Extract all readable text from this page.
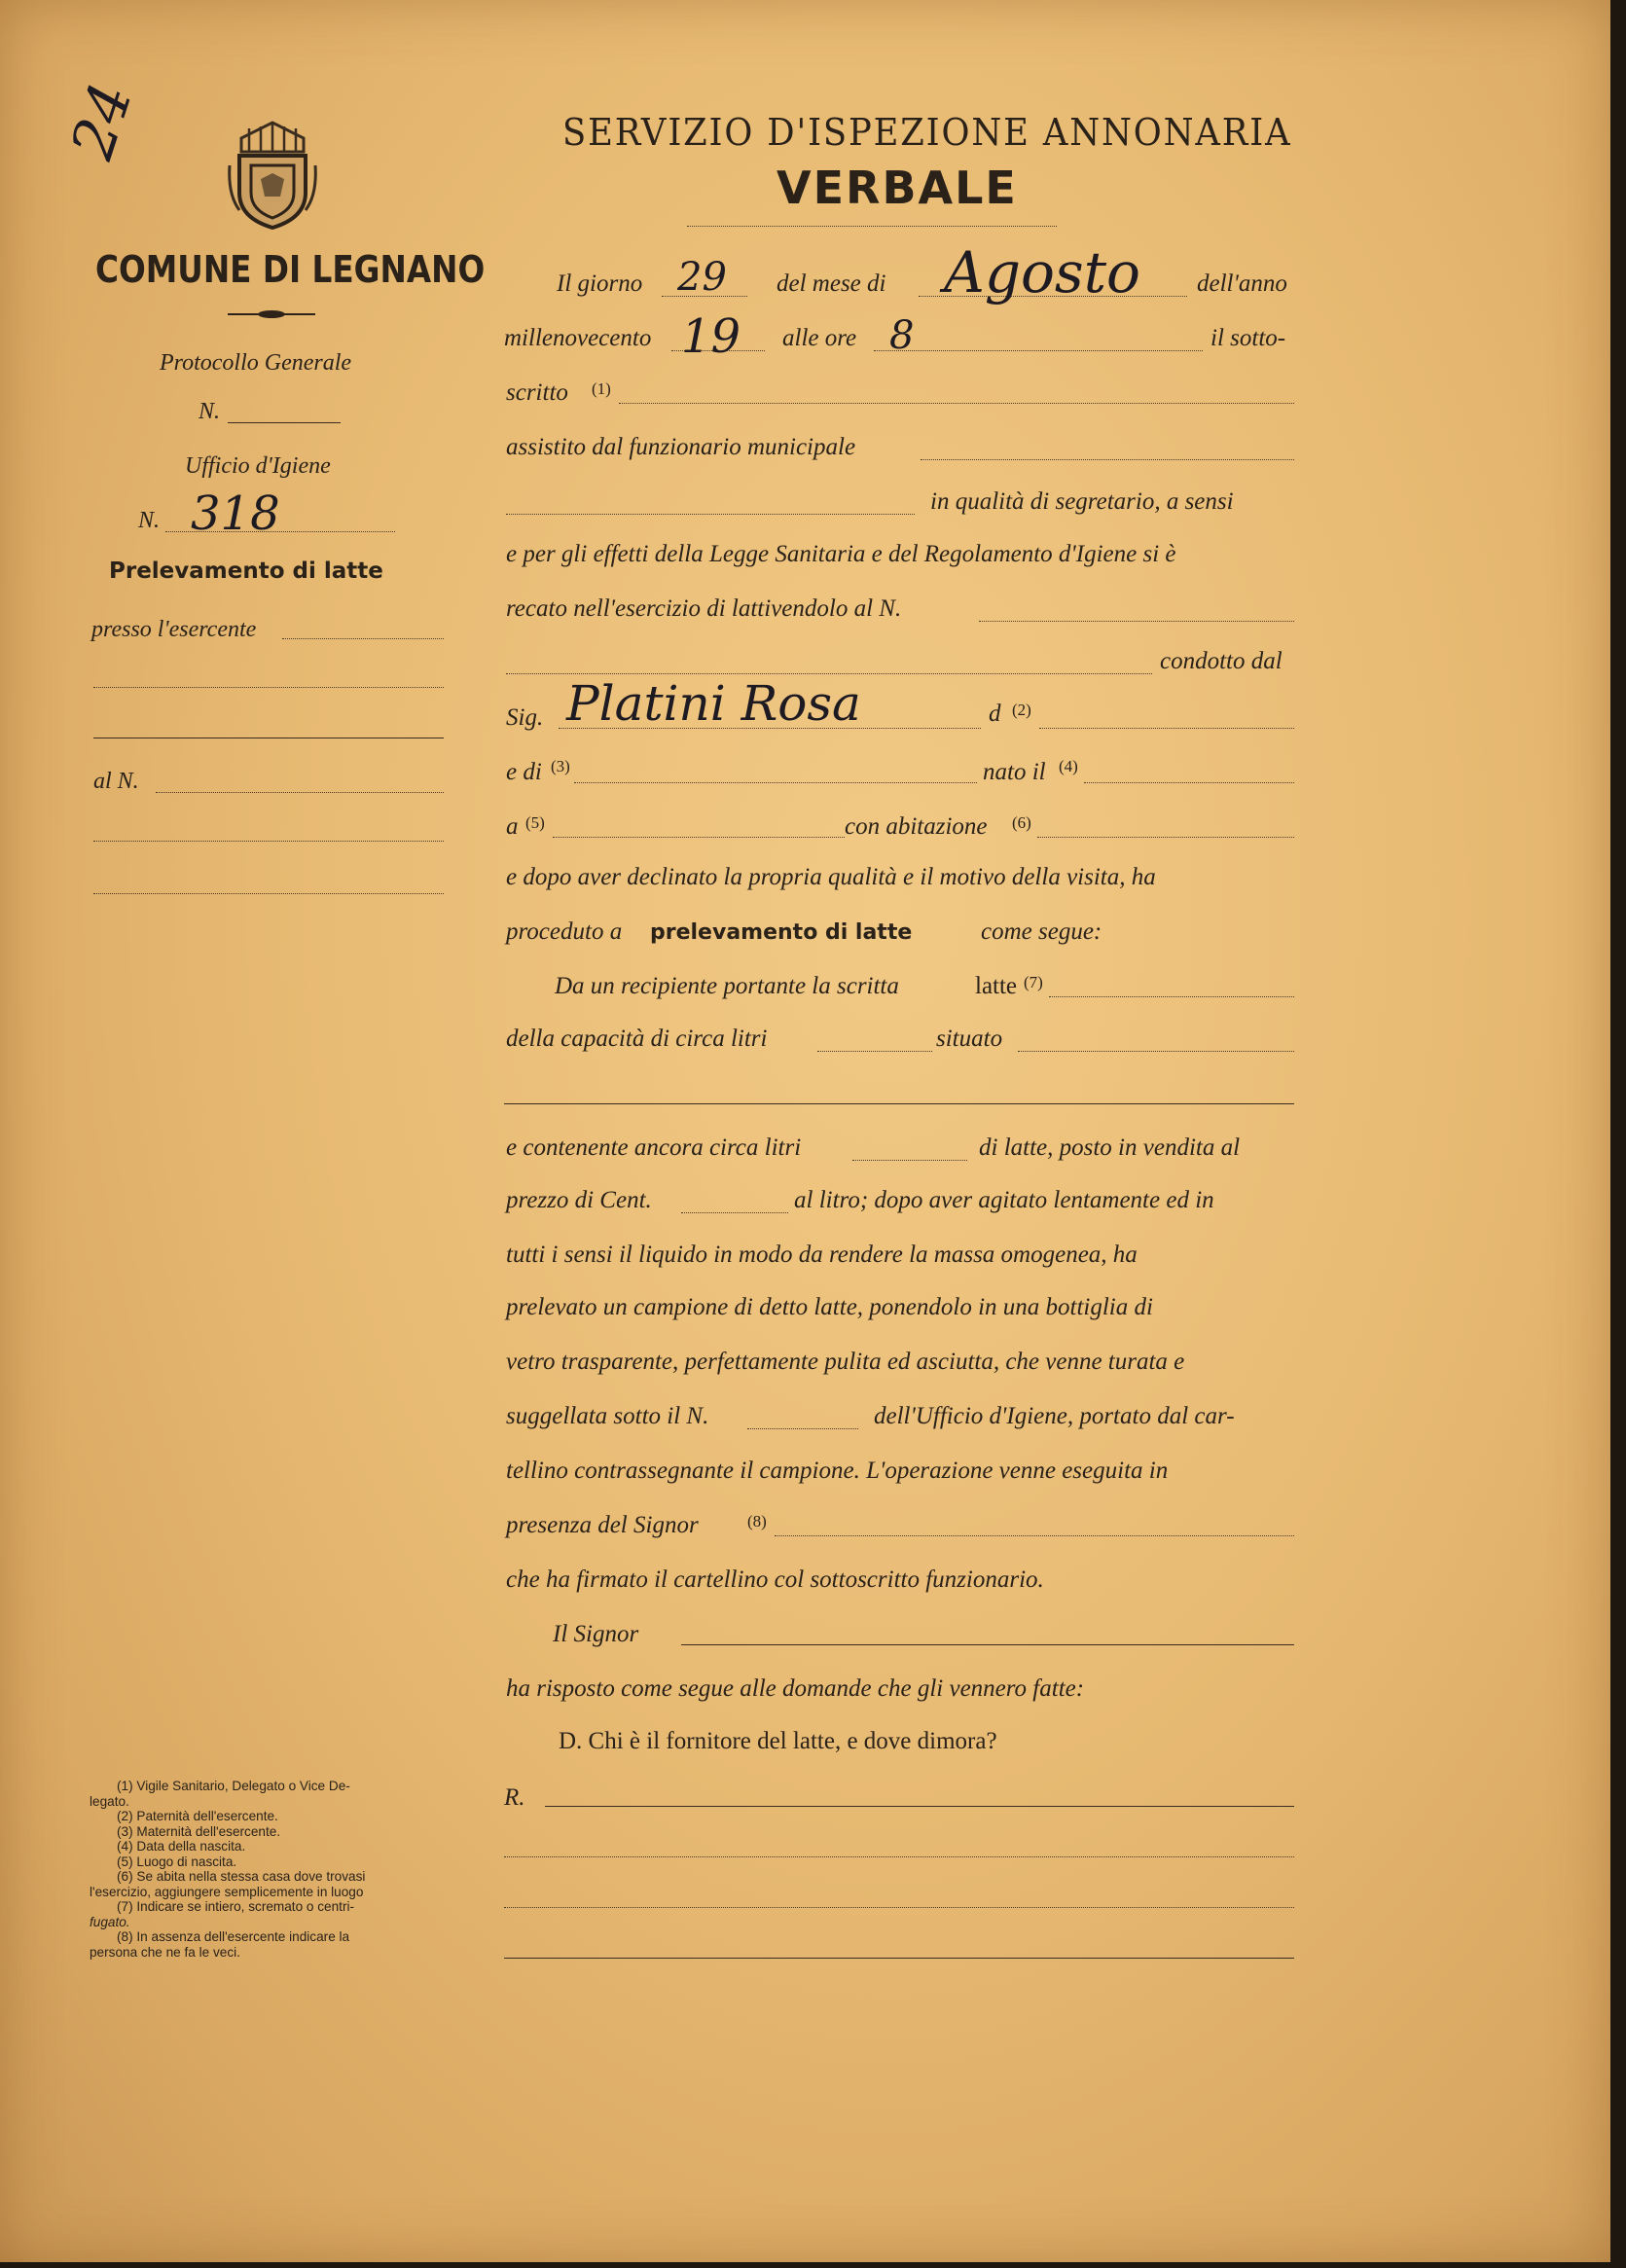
24
COMUNE DI LEGNANO
Protocollo Generale
N.
Ufficio d'Igiene
N. 318
Prelevamento di latte
presso l'esercente
al N.
(1) Vigile Sanitario, Delegato o Vice De-
legato.
(2) Paternità dell'esercente.
(3) Maternità dell'esercente.
(4) Data della nascita.
(5) Luogo di nascita.
(6) Se abita nella stessa casa dove trovasi
l'esercizio, aggiungere semplicemente in luogo
(7) Indicare se intiero, scremato o centri-
fugato.
(8) In assenza dell'esercente indicare la
persona che ne fa le veci.
SERVIZIO D'ISPEZIONE ANNONARIA
VERBALE
Il giorno 29 del mese di Agosto dell'anno
millenovecento 19 alle ore 8	il sotto-
scritto (1)
assistito dal funzionario municipale
in qualità di segretario, a sensi
e per gli effetti della Legge Sanitaria e del Regolamento d'Igiene si è
recato nell'esercizio di lattivendolo al N.
condotto dal
Sig. Platini Rosa	d (2)
e di (3)	nato il (4)
a (5)	con abitazione (6)
e dopo aver declinato la propria qualità e il motivo della visita, ha
proceduto a prelevamento di latte	come segue:
Da un recipiente portante la scritta	latte (7)
della capacità di circa litri	situato
e contenente ancora circa litri	di latte, posto in vendita al
prezzo di Cent.	al litro; dopo aver agitato lentamente ed in
tutti i sensi il liquido in modo da rendere la massa omogenea, ha
prelevato un campione di detto latte, ponendolo in una bottiglia di
vetro trasparente, perfettamente pulita ed asciutta, che venne turata e
suggellata sotto il N.	dell'Ufficio d'Igiene, portato dal car-
tellino contrassegnante il campione. L'operazione venne eseguita in
presenza del Signor	(8)
che ha firmato il cartellino col sottoscritto funzionario.
Il Signor
ha risposto come segue alle domande che gli vennero fatte:
D. Chi è il fornitore del latte, e dove dimora?
R.
